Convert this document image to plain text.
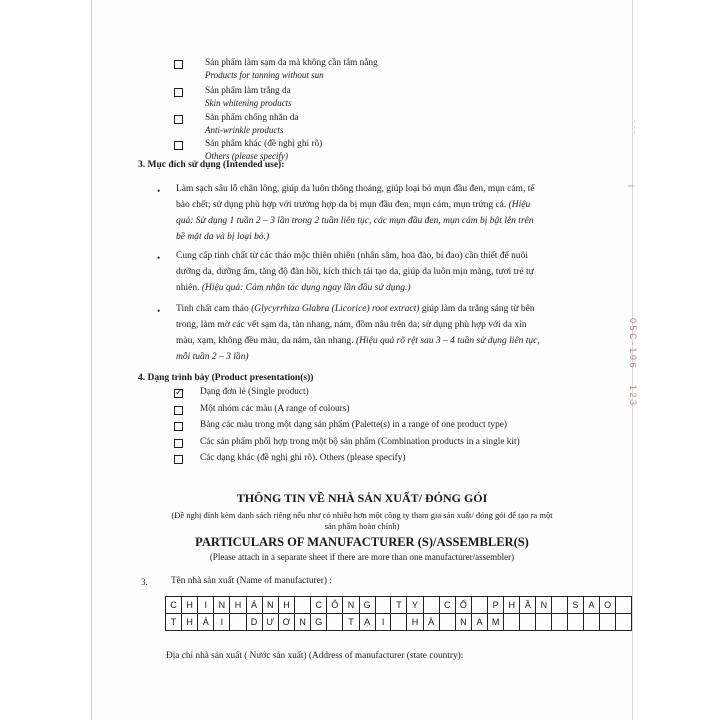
Sản phẩm làm sạm da mà không cần tắm nắng
Products for tanning without sun
Sản phẩm làm trắng da
Skin whitening products
Sản phẩm chống nhăn da
Anti-wrinkle products
Sản phẩm khác (đề nghị ghi rõ)
Others (please specify)
3. Mục đích sử dụng (Intended use):
• Làm sạch sâu lỗ chân lông, giúp da luôn thông thoáng, giúp loại bỏ mụn đầu đen, mụn cám, tế
bào chết; sử dụng phù hợp với trường hợp da bị mụn đầu đen, mụn cám, mụn trứng cá. (Hiệu
quả: Sử dụng 1 tuần 2 – 3 lần trong 2 tuần liên tục, các mụn đầu đen, mụn cám bị bật lên trên
bề mặt da và bị loại bỏ.)
• Cung cấp tinh chất từ các thảo mộc thiên nhiên (nhân sâm, hoa đào, bí đao) cần thiết để nuôi
dưỡng da, dưỡng ẩm, tăng độ đàn hồi, kích thích tái tạo da, giúp da luôn mịn màng, tươi trẻ tự
nhiên. (Hiệu quả: Cảm nhận tác dụng ngay lần đầu sử dụng.)
• Tinh chất cam thảo (Glycyrrhiza Glabra (Licorice) root extract) giúp làm da trắng sáng từ bên
trong, làm mờ các vết sạm da, tàn nhang, nám, đồm nâu trên da; sử dụng phù hợp với da xỉn
màu, xạm, không đều màu, da nám, tàn nhang. (Hiệu quả rõ rệt sau 3 – 4 tuần sử dụng liên tục,
mỗi tuần 2 – 3 lần)
4. Dạng trình bày (Product presentation(s))
✓
Dạng đơn lẻ (Single product)
Một nhóm các màu (A range of colours)
Bảng các màu trong một dạng sản phẩm (Palette(s) in a range of one product type)
Các sản phẩm phối hợp trong một bộ sản phẩm (Combination products in a single kit)
Các dạng khác (đề nghị ghi rõ). Others (please specify)
THÔNG TIN VỀ NHÀ SẢN XUẤT/ ĐÓNG GÓI
(Đề nghị đính kèm danh sách riêng nếu như có nhiều hơn một công ty tham gia sản xuất/ đóng gói để tạo ra một
sản phẩm hoàn chỉnh)
PARTICULARS OF MANUFACTURER (S)/ASSEMBLER(S)
(Please attach in a separate sheet if there are more than one manufacturer/assembler)
3.	Tên nhà sản xuất (Name of manufacturer) :
C	H	I	N	H	Á	N	H		C	Ô	N	G		T	Y		C	Ổ		P	H	Ầ	N		S	A	O	
T	H	Á	I		D	Ư	Ơ	N	G		T	Ạ	I		H	À		N	A	M								
Địa chỉ nhà sản xuất ( Nước sản xuất) (Address of manufacturer (state country):
· · ·
i
0 5 C - 1 0 6
1 2 3
